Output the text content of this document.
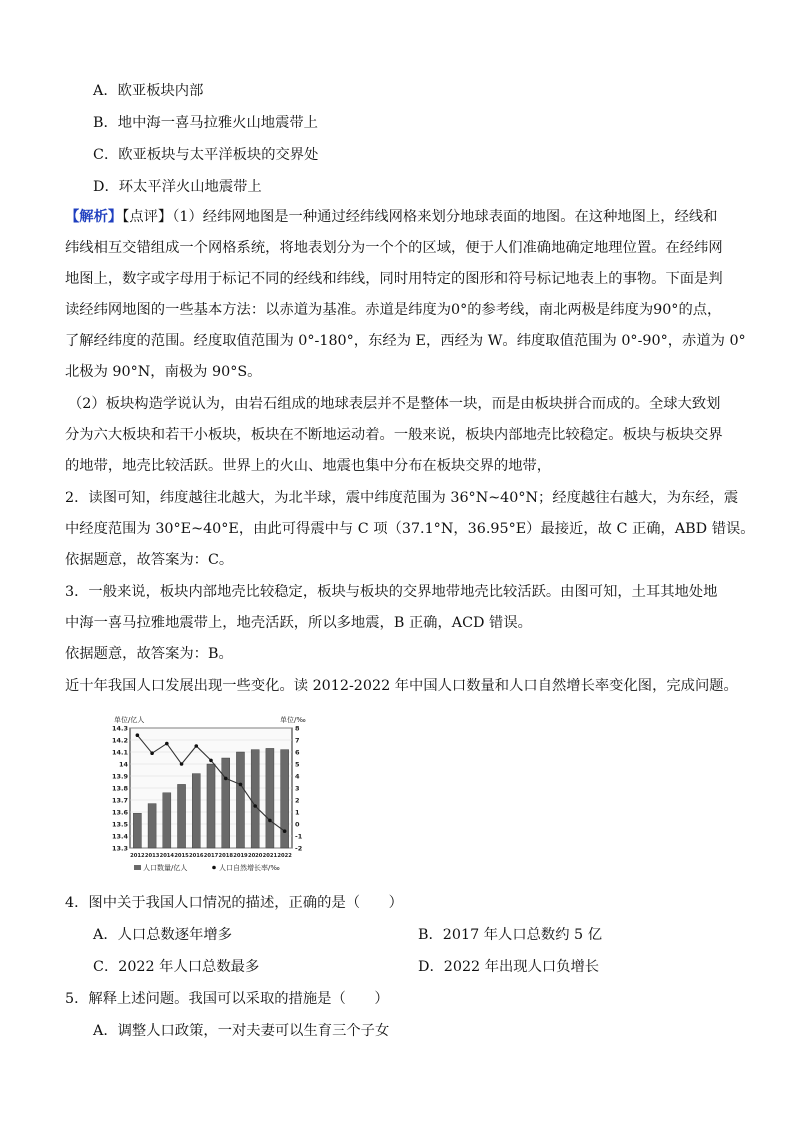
A．欧亚板块内部
B．地中海一喜马拉雅火山地震带上
C．欧亚板块与太平洋板块的交界处
D．环太平洋火山地震带上
【解析】【点评】（1）经纬网地图是一种通过经纬线网格来划分地球表面的地图。在这种地图上，经线和
纬线相互交错组成一个网格系统，将地表划分为一个个的区域，便于人们准确地确定地理位置。在经纬网
地图上，数字或字母用于标记不同的经线和纬线，同时用特定的图形和符号标记地表上的事物。下面是判
读经纬网地图的一些基本方法：以赤道为基准。赤道是纬度为0°的参考线，南北两极是纬度为90°的点，
了解经纬度的范围。经度取值范围为 0°-180°，东经为 E，西经为 W。纬度取值范围为 0°-90°，赤道为 0°
北极为 90°N，南极为 90°S。
（2）板块构造学说认为，由岩石组成的地球表层并不是整体一块，而是由板块拼合而成的。全球大致划
分为六大板块和若干小板块，板块在不断地运动着。一般来说，板块内部地壳比较稳定。板块与板块交界
的地带，地壳比较活跃。世界上的火山、地震也集中分布在板块交界的地带，
2．读图可知，纬度越往北越大，为北半球，震中纬度范围为 36°N~40°N；经度越往右越大，为东经，震
中经度范围为 30°E~40°E，由此可得震中与 C 项（37.1°N，36.95°E）最接近，故 C 正确，ABD 错误。
依据题意，故答案为：C。
3．一般来说，板块内部地壳比较稳定，板块与板块的交界地带地壳比较活跃。由图可知，土耳其地处地
中海一喜马拉雅地震带上，地壳活跃，所以多地震，B 正确，ACD 错误。
依据题意，故答案为：B。
近十年我国人口发展出现一些变化。读 2012-2022 年中国人口数量和人口自然增长率变化图，完成问题。
单位/亿人	单位/‰
14.3
14.2
14.1
14
13.9
13.8
13.7
13.6
13.5
13.4
13.3
8
7
6
5
4
3
2
1
0
-1
-2
2012 2013 2014 2015 2016 2017 2018 2019 2020 2021 2022
人口数量/亿人	人口自然增长率/‰
4．图中关于我国人口情况的描述，正确的是（　　）
A．人口总数逐年增多	B．2017 年人口总数约 5 亿
C．2022 年人口总数最多	D．2022 年出现人口负增长
5．解释上述问题。我国可以采取的措施是（　　）
A．调整人口政策，一对夫妻可以生育三个子女
